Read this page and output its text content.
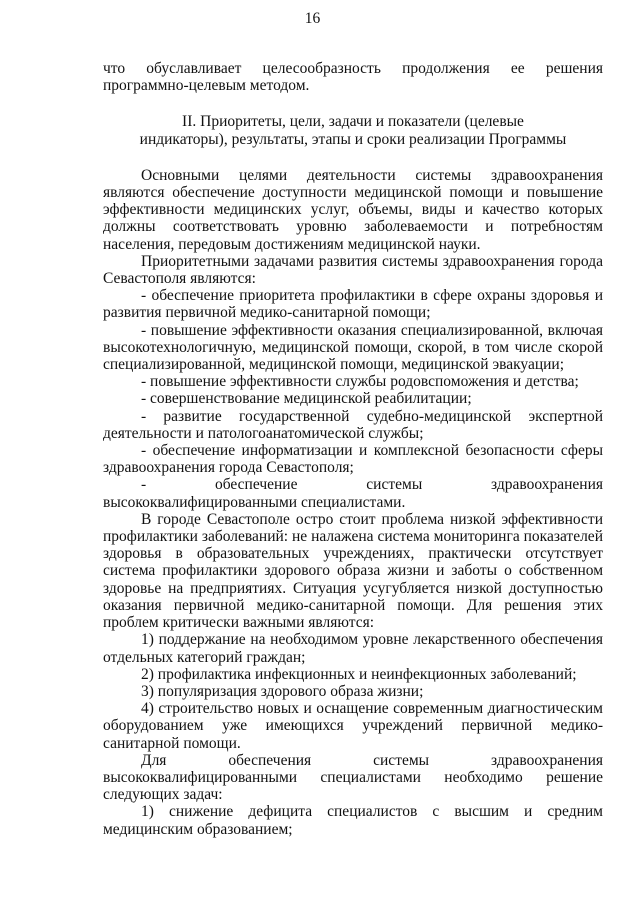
16

что обуславливает целесообразность продолжения ее решения программно-целевым методом.

II. Приоритеты, цели, задачи и показатели (целевые
индикаторы), результаты, этапы и сроки реализации Программы

Основными целями деятельности системы здравоохранения являются обеспечение доступности медицинской помощи и повышение эффективности медицинских услуг, объемы, виды и качество которых должны соответствовать уровню заболеваемости и потребностям населения, передовым достижениям медицинской науки.

Приоритетными задачами развития системы здравоохранения города Севастополя являются:

- обеспечение приоритета профилактики в сфере охраны здоровья и развития первичной медико-санитарной помощи;

- повышение эффективности оказания специализированной, включая высокотехнологичную, медицинской помощи, скорой, в том числе скорой специализированной, медицинской помощи, медицинской эвакуации;

- повышение эффективности службы родовспоможения и детства;

- совершенствование медицинской реабилитации;

- развитие государственной судебно-медицинской экспертной деятельности и патологоанатомической службы;

- обеспечение информатизации и комплексной безопасности сферы здравоохранения города Севастополя;

- обеспечение системы здравоохранения высококвалифицированными специалистами.

В городе Севастополе остро стоит проблема низкой эффективности профилактики заболеваний: не налажена система мониторинга показателей здоровья в образовательных учреждениях, практически отсутствует система профилактики здорового образа жизни и заботы о собственном здоровье на предприятиях. Ситуация усугубляется низкой доступностью оказания первичной медико-санитарной помощи. Для решения этих проблем критически важными являются:

1) поддержание на необходимом уровне лекарственного обеспечения отдельных категорий граждан;

2) профилактика инфекционных и неинфекционных заболеваний;

3) популяризация здорового образа жизни;

4) строительство новых и оснащение современным диагностическим оборудованием уже имеющихся учреждений первичной медико-санитарной помощи.

Для обеспечения системы здравоохранения высококвалифицированными специалистами необходимо решение следующих задач:

1) снижение дефицита специалистов с высшим и средним медицинским образованием;
